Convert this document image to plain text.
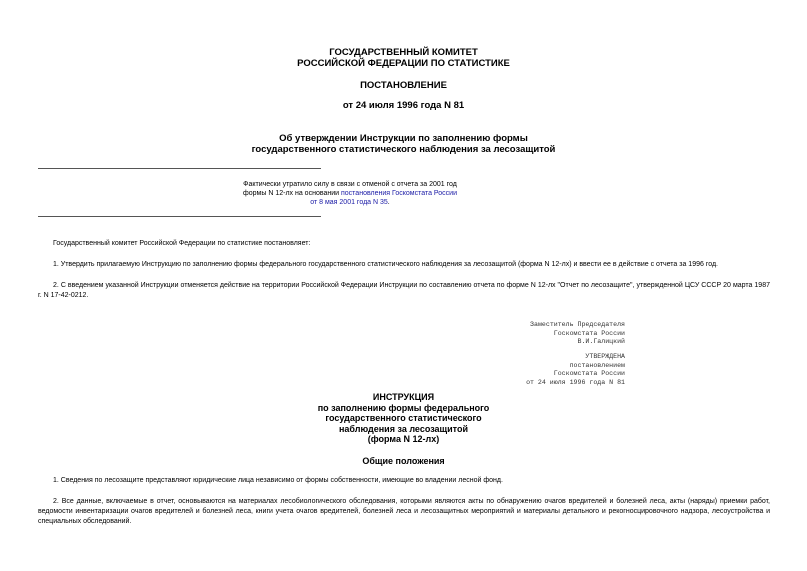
ГОСУДАРСТВЕННЫЙ КОМИТЕТ
РОССИЙСКОЙ ФЕДЕРАЦИИ ПО СТАТИСТИКЕ
ПОСТАНОВЛЕНИЕ
от 24 июля 1996 года N 81
Об утверждении Инструкции по заполнению формы
государственного статистического наблюдения за лесозащитой
Фактически утратило силу в связи с отменой с отчета за 2001 год
формы N 12-лх на основании постановления Госкомстата России
от 8 мая 2001 года N 35.
Государственный комитет Российской Федерации по статистике постановляет:
1. Утвердить прилагаемую Инструкцию по заполнению формы федерального государственного статистического наблюдения за лесозащитой (форма N 12-лх) и ввести ее в действие с отчета за 1996 год.
2. С введением указанной Инструкции отменяется действие на территории Российской Федерации Инструкции по составлению отчета по форме N 12-лх "Отчет по лесозащите", утвержденной ЦСУ СССР 20 марта 1987 г. N 17-42-0212.
Заместитель Председателя
Госкомстата России
В.И.Галицкий
УТВЕРЖДЕНА
постановлением
Госкомстата России
от 24 июля 1996 года N 81
ИНСТРУКЦИЯ
по заполнению формы федерального
государственного статистического
наблюдения за лесозащитой
(форма N 12-лх)
Общие положения
1. Сведения по лесозащите представляют юридические лица независимо от формы собственности, имеющие во владении лесной фонд.
2. Все данные, включаемые в отчет, основываются на материалах лесобиологического обследования, которыми являются акты по обнаружению очагов вредителей и болезней леса, акты (наряды) приемки работ, ведомости инвентаризации очагов вредителей и болезней леса, книги учета очагов вредителей, болезней леса и лесозащитных мероприятий и материалы детального и рекогносцировочного надзора, лесоустройства и специальных обследований.
